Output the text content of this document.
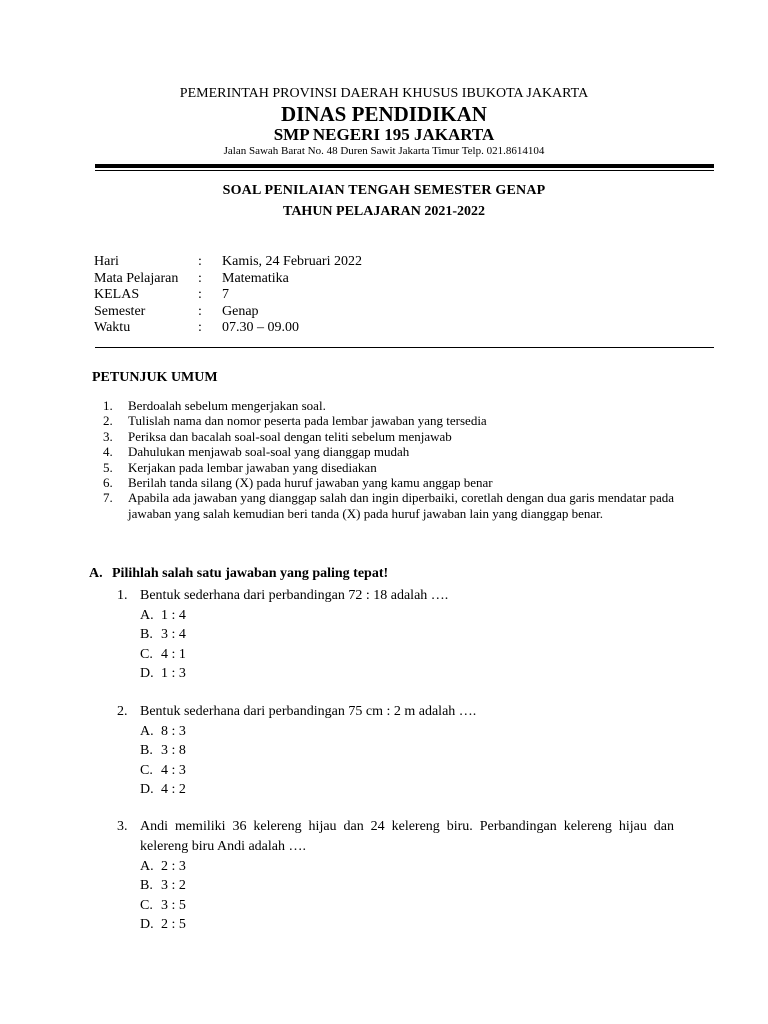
PEMERINTAH PROVINSI DAERAH KHUSUS IBUKOTA JAKARTA
DINAS PENDIDIKAN
SMP NEGERI 195 JAKARTA
Jalan Sawah Barat No. 48 Duren Sawit Jakarta Timur Telp. 021.8614104
SOAL PENILAIAN TENGAH SEMESTER GENAP
TAHUN PELAJARAN 2021-2022
Hari	:	Kamis, 24 Februari 2022
Mata Pelajaran	:	Matematika
KELAS	:	7
Semester	:	Genap
Waktu	:	07.30 – 09.00
PETUNJUK UMUM
1.	Berdoalah sebelum mengerjakan soal.
2.	Tulislah nama dan nomor peserta pada lembar jawaban yang tersedia
3.	Periksa dan bacalah soal-soal dengan teliti sebelum menjawab
4.	Dahulukan menjawab soal-soal yang dianggap mudah
5.	Kerjakan pada lembar jawaban yang disediakan
6.	Berilah tanda silang (X) pada huruf jawaban yang kamu anggap benar
7.	Apabila ada jawaban yang dianggap salah dan ingin diperbaiki, coretlah dengan dua garis mendatar pada jawaban yang salah kemudian beri tanda (X) pada huruf jawaban lain yang dianggap benar.
A. Pilihlah salah satu jawaban yang paling tepat!
1. Bentuk sederhana dari perbandingan 72 : 18 adalah ….
A. 1 : 4
B. 3 : 4
C. 4 : 1
D. 1 : 3
2. Bentuk sederhana dari perbandingan 75 cm : 2 m adalah ….
A. 8 : 3
B. 3 : 8
C. 4 : 3
D. 4 : 2
3. Andi memiliki 36 kelereng hijau dan 24 kelereng biru. Perbandingan kelereng hijau dan kelereng biru Andi adalah ….
A. 2 : 3
B. 3 : 2
C. 3 : 5
D. 2 : 5
